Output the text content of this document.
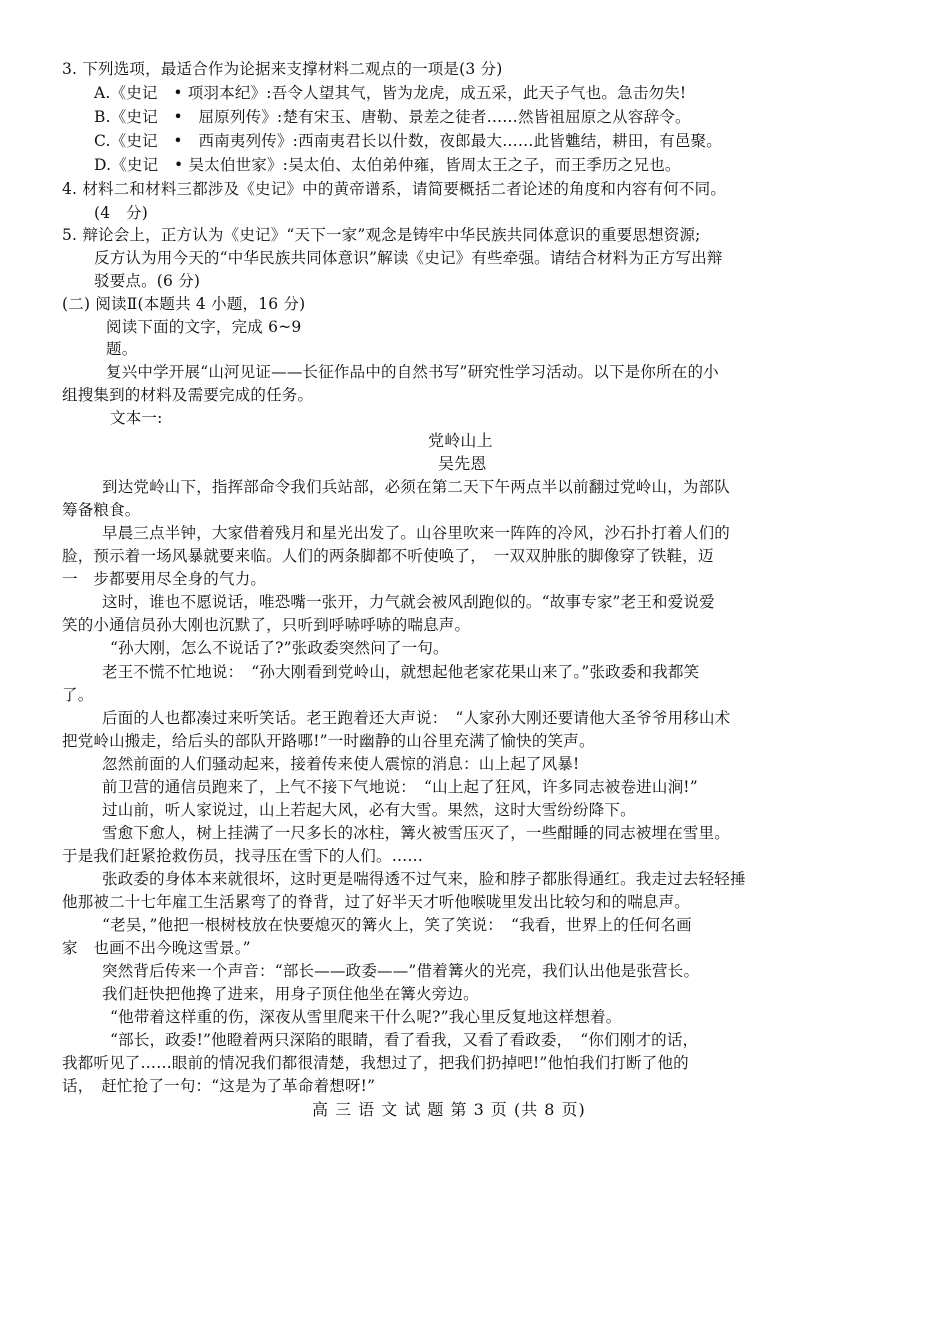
3. 下列选项，最适合作为论据来支撑材料二观点的一项是(3 分)
A.《史记　• 项羽本纪》:吾令人望其气，皆为龙虎，成五采，此天子气也。急击勿失!
B.《史记　•　屈原列传》:楚有宋玉、唐勒、景差之徒者……然皆祖屈原之从容辞令。
C.《史记　•　西南夷列传》:西南夷君长以什数，夜郎最大……此皆魋结，耕田，有邑聚。
D.《史记　• 吴太伯世家》:吴太伯、太伯弟仲雍，皆周太王之子，而王季历之兄也。
4. 材料二和材料三都涉及《史记》中的黄帝谱系，请简要概括二者论述的角度和内容有何不同。
(4　分)
5. 辩论会上，正方认为《史记》“天下一家”观念是铸牢中华民族共同体意识的重要思想资源;
反方认为用今天的“中华民族共同体意识”解读《史记》有些牵强。请结合材料为正方写出辩
驳要点。(6 分)
(二) 阅读Ⅱ(本题共 4 小题，16 分)
阅读下面的文字，完成 6~9
题。
复兴中学开展“山河见证——长征作品中的自然书写”研究性学习活动。以下是你所在的小
组搜集到的材料及需要完成的任务。
文本一:
党岭山上
吴先恩
到达党岭山下，指挥部命令我们兵站部，必须在第二天下午两点半以前翻过党岭山，为部队
筹备粮食。
早晨三点半钟，大家借着残月和星光出发了。山谷里吹来一阵阵的冷风，沙石扑打着人们的
脸，预示着一场风暴就要来临。人们的两条脚都不听使唤了，　一双双肿胀的脚像穿了铁鞋，迈
一　步都要用尽全身的气力。
这时，谁也不愿说话，唯恐嘴一张开，力气就会被风刮跑似的。“故事专家”老王和爱说爱
笑的小通信员孙大刚也沉默了，只听到呼哧呼哧的喘息声。
“孙大刚，怎么不说话了?”张政委突然问了一句。
老王不慌不忙地说：　“孙大刚看到党岭山，就想起他老家花果山来了。”张政委和我都笑
了。
后面的人也都凑过来听笑话。老王跑着还大声说：　“人家孙大刚还要请他大圣爷爷用移山术
把党岭山搬走，给后头的部队开路哪!”一时幽静的山谷里充满了愉快的笑声。
忽然前面的人们骚动起来，接着传来使人震惊的消息：山上起了风暴!
前卫营的通信员跑来了，上气不接下气地说：　“山上起了狂风，许多同志被卷进山涧!”
过山前，听人家说过，山上若起大风，必有大雪。果然，这时大雪纷纷降下。
雪愈下愈人，树上挂满了一尺多长的冰柱，篝火被雪压灭了，一些酣睡的同志被埋在雪里。
于是我们赶紧抢救伤员，找寻压在雪下的人们。……
张政委的身体本来就很坏，这时更是喘得透不过气来，脸和脖子都胀得通红。我走过去轻轻捶
他那被二十七年雇工生活累弯了的脊背，过了好半天才听他喉咙里发出比较匀和的喘息声。
“老吴，”他把一根树枝放在快要熄灭的篝火上，笑了笑说：　“我看，世界上的任何名画
家　也画不出今晚这雪景。”
突然背后传来一个声音：“部长——政委——”借着篝火的光亮，我们认出他是张营长。
我们赶快把他搀了进来，用身子顶住他坐在篝火旁边。
“他带着这样重的伤，深夜从雪里爬来干什么呢?”我心里反复地这样想着。
“部长，政委!”他瞪着两只深陷的眼睛，看了看我，又看了看政委，　“你们刚才的话，
我都听见了……眼前的情况我们都很清楚，我想过了，把我们扔掉吧!”他怕我们打断了他的
话，　赶忙抢了一句：“这是为了革命着想呀!”
高 三 语 文 试 题 第 3 页 (共 8 页)
